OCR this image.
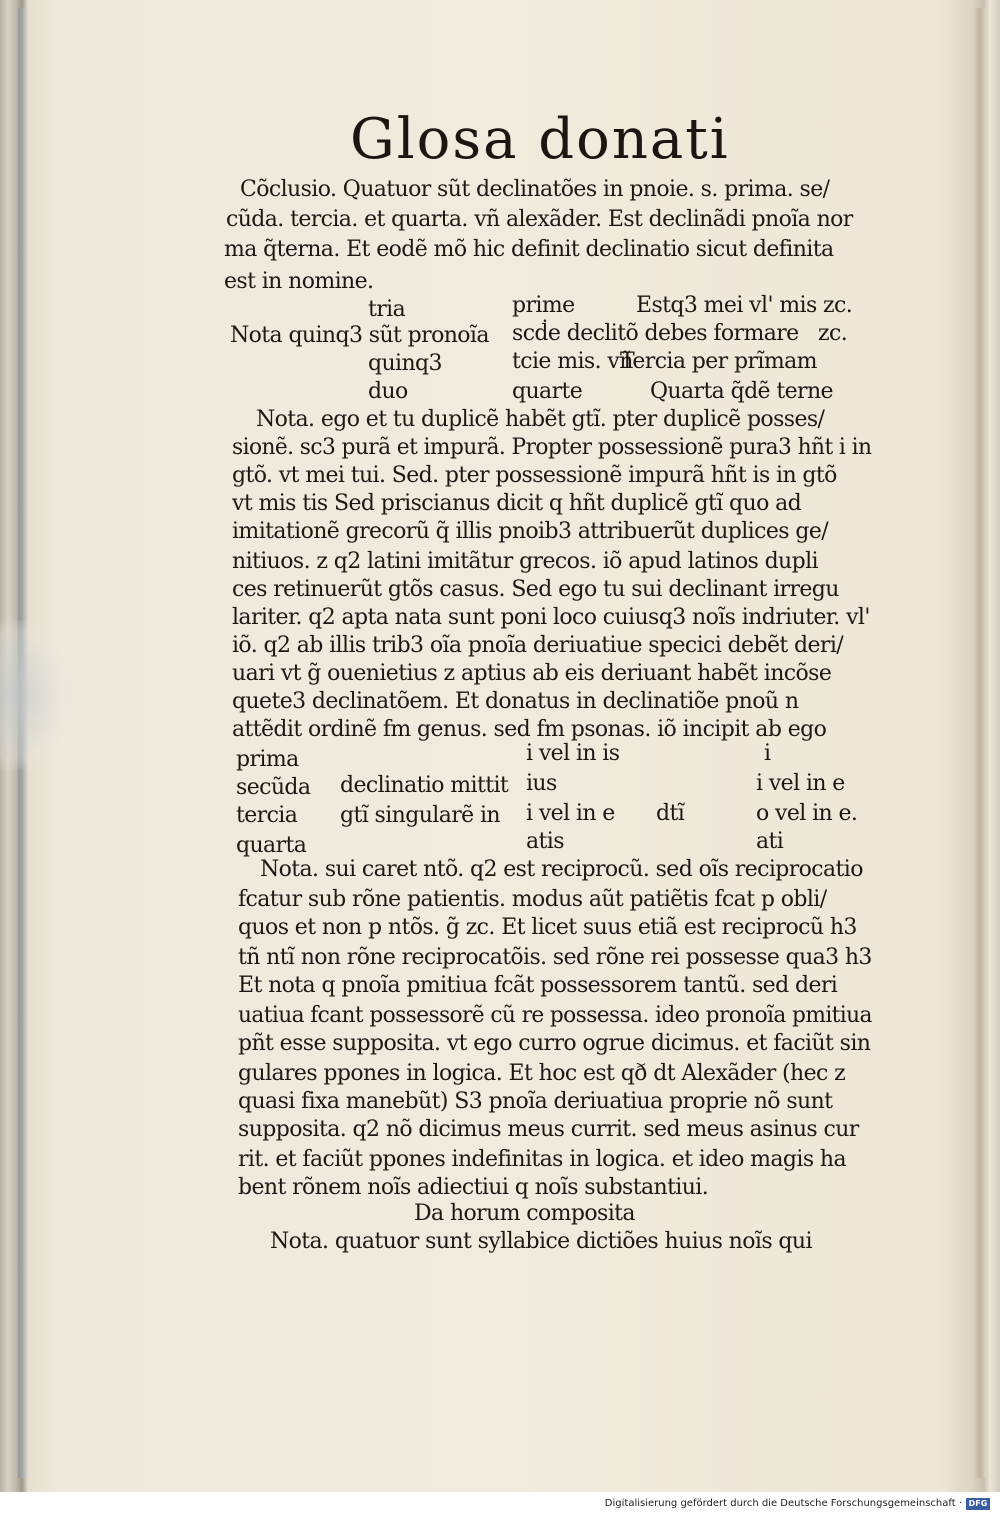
Glosa donati
Cõclusio. Quatuor sũt declinatões in pnoie. s. prima. se/
cũda. tercia. et quarta. vñ alexãder. Est declinãdi pnoĩa nor
ma q̃terna. Et eodẽ mõ hic definit declinatio sicut definita
est in nomine.
tria
quinq3
duo
Nota quinq3 sũt pronoĩa
prime
scḋe declitõ debes formare
tcie mis. vñ
quarte
Estq3 mei vl' mis zc.
zc.
Tercia per prĩmam
Quarta q̃dẽ terne
Nota. ego et tu duplicẽ habẽt gtĩ. pter duplicẽ posses/
sionẽ. sc3 purã et impurã. Propter possessionẽ pura3 hñt i in
gtõ. vt mei tui. Sed. pter possessionẽ impurã hñt is in gtõ
vt mis tis Sed priscianus dicit q hñt duplicẽ gtĩ quo ad
imitationẽ grecorũ q̃ illis pnoib3 attribuerũt duplices ge/
nitiuos. z q2 latini imitãtur grecos. iõ apud latinos dupli
ces retinuerũt gtõs casus. Sed ego tu sui declinant irregu
lariter. q2 apta nata sunt poni loco cuiusq3 noĩs indriuter. vl'
iõ. q2 ab illis trib3 oĩa pnoĩa deriuatiue specici debẽt deri/
uari vt g̃ ouenietius z aptius ab eis deriuant habẽt incõse
quete3 declinatõem. Et donatus in declinatiõe pnoũ n
attẽdit ordinẽ fm genus. sed fm psonas. iõ incipit ab ego
prima
secũda
tercia
quarta
declinatio mittit
gtĩ singularẽ in
i vel in is
ius
i vel in e
atis
dtĩ
i
i vel in e
o vel in e.
ati
Nota. sui caret ntõ. q2 est reciprocũ. sed oĩs reciprocatio
fcatur sub rõne patientis. modus aũt patiẽtis fcat p obli/
quos et non p ntõs. g̃ zc. Et licet suus etiã est reciprocũ h3
tñ ntĩ non rõne reciprocatõis. sed rõne rei possesse qua3 h3
Et nota q pnoĩa pmitiua fcãt possessorem tantũ. sed deri
uatiua fcant possessorẽ cũ re possessa. ideo pronoĩa pmitiua
pñt esse supposita. vt ego curro ogrue dicimus. et faciũt sin
gulares ppones in logica. Et hoc est qð dt Alexãder (hec z
quasi fixa manebũt) S3 pnoĩa deriuatiua proprie nõ sunt
supposita. q2 nõ dicimus meus currit. sed meus asinus cur
rit. et faciũt ppones indefinitas in logica. et ideo magis ha
bent rõnem noĩs adiectiui q noĩs substantiui.
Da horum composita
Nota. quatuor sunt syllabice dictiões huius noĩs qui
Digitalisierung gefördert durch die Deutsche Forschungsgemeinschaft · DFG
